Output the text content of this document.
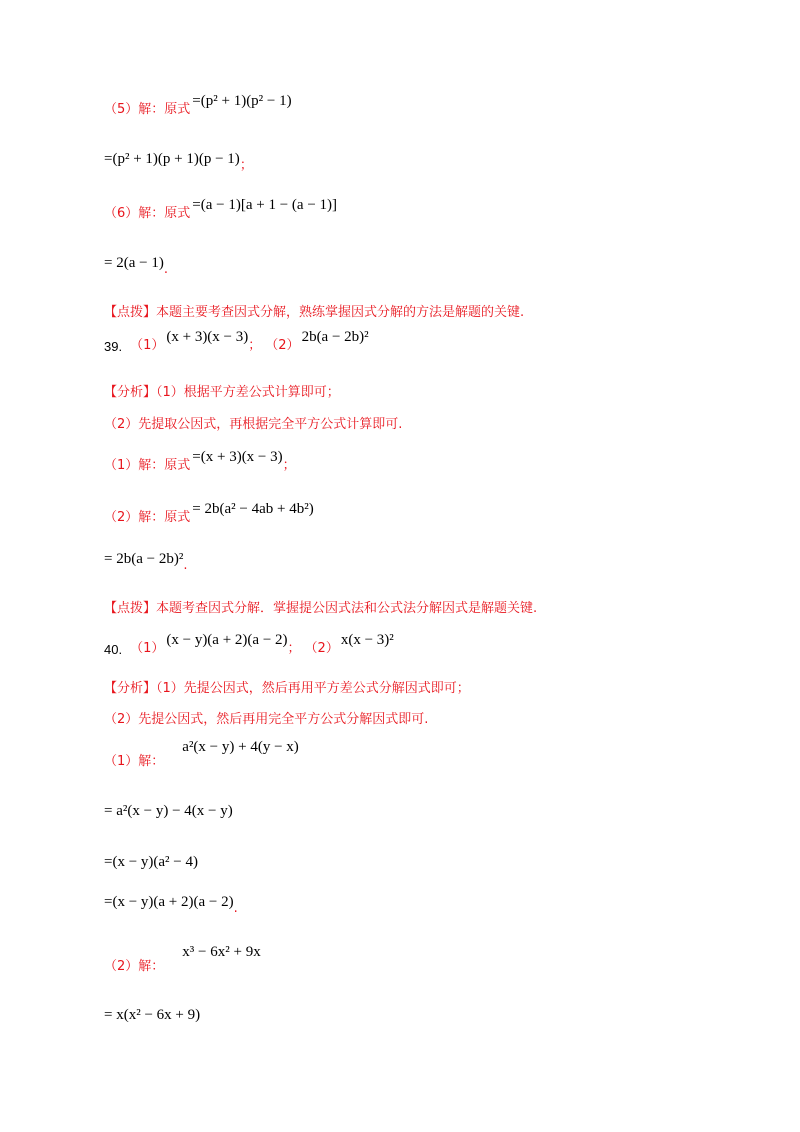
（5）解：原式
=(p² + 1)(p² − 1)
=(p² + 1)(p + 1)(p − 1) ；
（6）解：原式
=(a − 1)[a + 1 − (a − 1)]
= 2(a − 1) .
【点拨】本题主要考查因式分解，熟练掌握因式分解的方法是解题的关键.
39. （1）
(x + 3)(x − 3)
； （2）
2b(a − 2b)²
【分析】（1）根据平方差公式计算即可；
（2）先提取公因式，再根据完全平方公式计算即可.
（1）解：原式
=(x + 3)(x − 3)
；
（2）解：原式
= 2b(a² − 4ab + 4b²)
= 2b(a − 2b)² .
【点拨】本题考查因式分解．掌握提公因式法和公式法分解因式是解题关键.
40. （1）
(x − y)(a + 2)(a − 2)
； （2）
x(x − 3)²
【分析】（1）先提公因式，然后再用平方差公式分解因式即可；
（2）先提公因式，然后再用完全平方公式分解因式即可.
（1）解：
a²(x − y) + 4(y − x)
= a²(x − y) − 4(x − y)
=(x − y)(a² − 4)
=(x − y)(a + 2)(a − 2) .
（2）解：
x³ − 6x² + 9x
= x(x² − 6x + 9)
